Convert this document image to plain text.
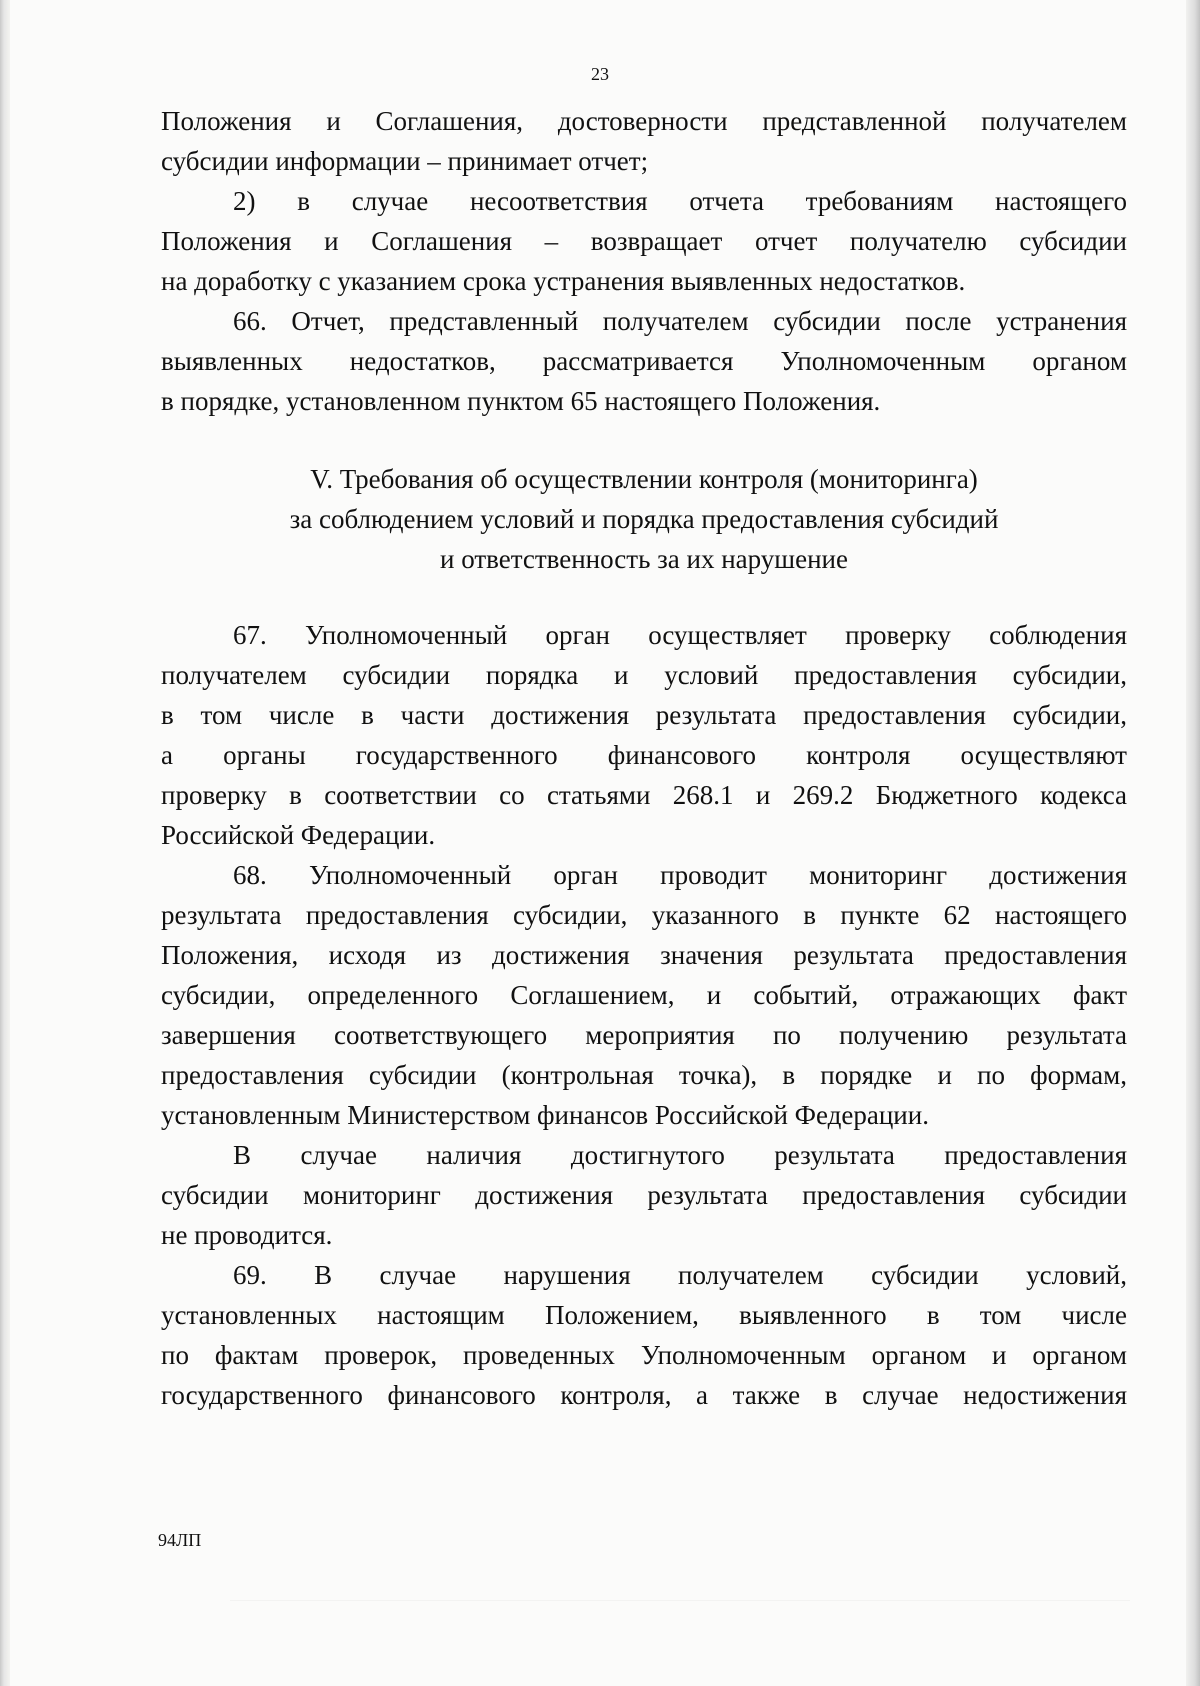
23
Положения и Соглашения, достоверности представленной получателем
субсидии информации – принимает отчет;
2) в случае несоответствия отчета требованиям настоящего
Положения и Соглашения – возвращает отчет получателю субсидии
на доработку с указанием срока устранения выявленных недостатков.
66. Отчет, представленный получателем субсидии после устранения
выявленных недостатков, рассматривается Уполномоченным органом
в порядке, установленном пунктом 65 настоящего Положения.
V. Требования об осуществлении контроля (мониторинга)
за соблюдением условий и порядка предоставления субсидий
и ответственность за их нарушение
67. Уполномоченный орган осуществляет проверку соблюдения
получателем субсидии порядка и условий предоставления субсидии,
в том числе в части достижения результата предоставления субсидии,
а органы государственного финансового контроля осуществляют
проверку в соответствии со статьями 268.1 и 269.2 Бюджетного кодекса
Российской Федерации.
68. Уполномоченный орган проводит мониторинг достижения
результата предоставления субсидии, указанного в пункте 62 настоящего
Положения, исходя из достижения значения результата предоставления
субсидии, определенного Соглашением, и событий, отражающих факт
завершения соответствующего мероприятия по получению результата
предоставления субсидии (контрольная точка), в порядке и по формам,
установленным Министерством финансов Российской Федерации.
В случае наличия достигнутого результата предоставления
субсидии мониторинг достижения результата предоставления субсидии
не проводится.
69. В случае нарушения получателем субсидии условий,
установленных настоящим Положением, выявленного в том числе
по фактам проверок, проведенных Уполномоченным органом и органом
государственного финансового контроля, а также в случае недостижения
94ЛП
